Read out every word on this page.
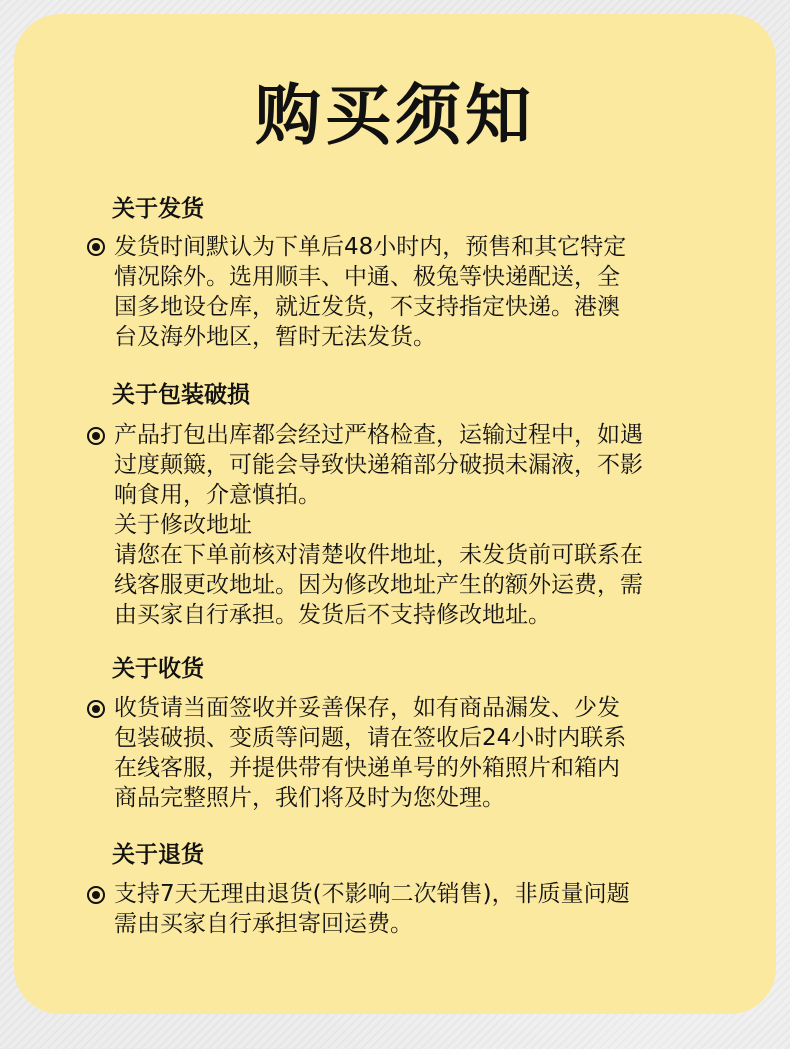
购买须知
关于发货
发货时间默认为下单后48小时内，预售和其它特定
情况除外。选用顺丰、中通、极兔等快递配送，全
国多地设仓库，就近发货，不支持指定快递。港澳
台及海外地区，暂时无法发货。
关于包装破损
产品打包出库都会经过严格检查，运输过程中，如遇
过度颠簸，可能会导致快递箱部分破损未漏液，不影
响食用，介意慎拍。
关于修改地址
请您在下单前核对清楚收件地址，未发货前可联系在
线客服更改地址。因为修改地址产生的额外运费，需
由买家自行承担。发货后不支持修改地址。
关于收货
收货请当面签收并妥善保存，如有商品漏发、少发
包装破损、变质等问题，请在签收后24小时内联系
在线客服，并提供带有快递单号的外箱照片和箱内
商品完整照片，我们将及时为您处理。
关于退货
支持7天无理由退货(不影响二次销售)，非质量问题
需由买家自行承担寄回运费。
